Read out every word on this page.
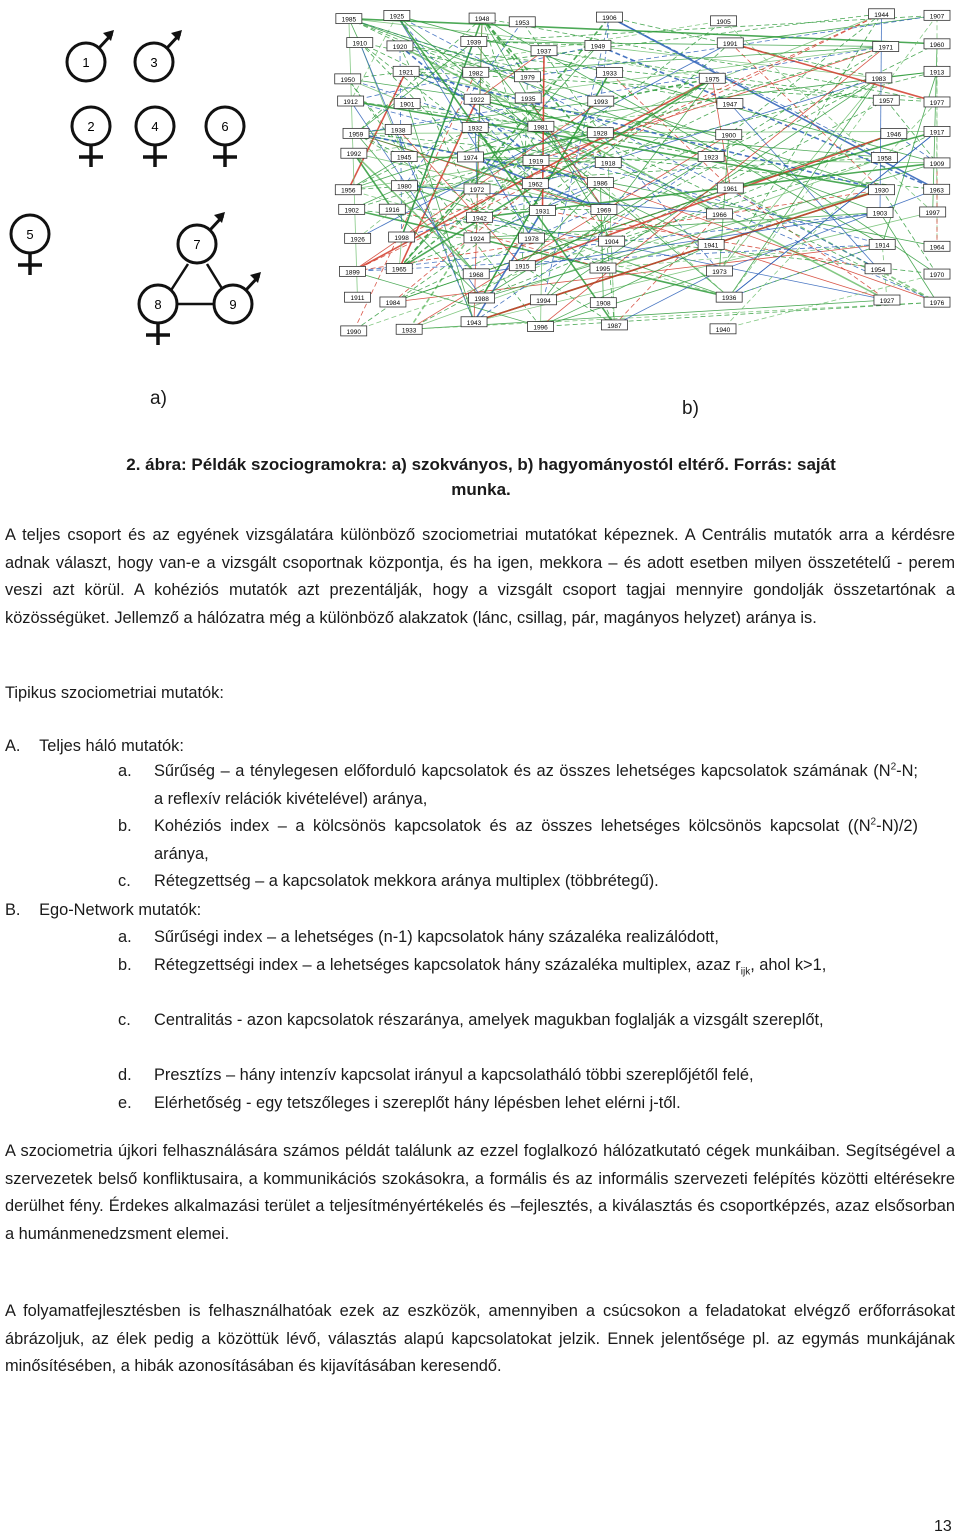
1	3
2	4	6
5
7
8	9
1985	1925	1948
1953
1906
1905
1944	1907
1910	1920
1939
1937
1949	1991
1971	1960
1950
1921	1982
1979
1933
1975	1983
1913
1912	1901
1922	1935	1993	1947	1957	1977
1959
1938	1932	1981
1928	1900	1946	1917
1992	1945	1974	1919	1918
1923	1958
1909
1956
1980	1972
1962	1986
1961	1930	1963
1902	1916
1942
1931	1969
1966	1903	1997
1926	1998	1924	1978	1904	1941	1914	1964
1899	1965
1968
1915	1995	1973	1954
1970
1911
1984
1988	1994	1908
1936	1927	1976
1990	1933
1943
1996	1987
1940
a)	b)
2. ábra: Példák szociogramokra: a) szokványos, b) hagyományostól eltérő. Forrás: saját
munka.

A teljes csoport és az egyének vizsgálatára különböző szociometriai mutatókat képeznek. A Centrális mutatók arra a kérdésre adnak választ, hogy van-e a vizsgált csoportnak központja, és ha igen, mekkora – és adott esetben milyen összetételű - perem veszi azt körül. A kohéziós mutatók azt prezentálják, hogy a vizsgált csoport tagjai mennyire gondolják összetartónak a közösségüket. Jellemző a hálózatra még a különböző alakzatok (lánc, csillag, pár, magányos helyzet) aránya is.

Tipikus szociometriai mutatók:
A. Teljes háló mutatók:
a. Sűrűség – a ténylegesen előforduló kapcsolatok és az összes lehetséges kapcsolatok számának ($N^2-N$; a reflexív relációk kivételével) aránya,
b. Kohéziós index – a kölcsönös kapcsolatok és az összes lehetséges kölcsönös kapcsolat $((N^2-N)/2)$ aránya,
c. Rétegzettség – a kapcsolatok mekkora aránya multiplex (többrétegű).
B. Ego-Network mutatók:
a. Sűrűségi index – a lehetséges (n-1) kapcsolatok hány százaléka realizálódott,
b. Rétegzettségi index – a lehetséges kapcsolatok hány százaléka multiplex, azaz $r_{ijk}$, ahol k>1,
c. Centralitás - azon kapcsolatok részaránya, amelyek magukban foglalják a vizsgált szereplőt,
d. Presztízs – hány intenzív kapcsolat irányul a kapcsolatháló többi szereplőjétől felé,
e. Elérhetőség - egy tetszőleges i szereplőt hány lépésben lehet elérni j-től.

A szociometria újkori felhasználására számos példát találunk az ezzel foglalkozó hálózatkutató cégek munkáiban. Segítségével a szervezetek belső konfliktusaira, a kommunikációs szokásokra, a formális és az informális szervezeti felépítés közötti eltérésekre derülhet fény. Érdekes alkalmazási terület a teljesítményértékelés és –fejlesztés, a kiválasztás és csoportképzés, azaz elsősorban a humánmenedzsment elemei.

A folyamatfejlesztésben is felhasználhatóak ezek az eszközök, amennyiben a csúcsokon a feladatokat elvégző erőforrásokat ábrázoljuk, az élek pedig a közöttük lévő, választás alapú kapcsolatokat jelzik. Ennek jelentősége pl. az egymás munkájának minősítésében, a hibák azonosításában és kijavításában keresendő.

13
